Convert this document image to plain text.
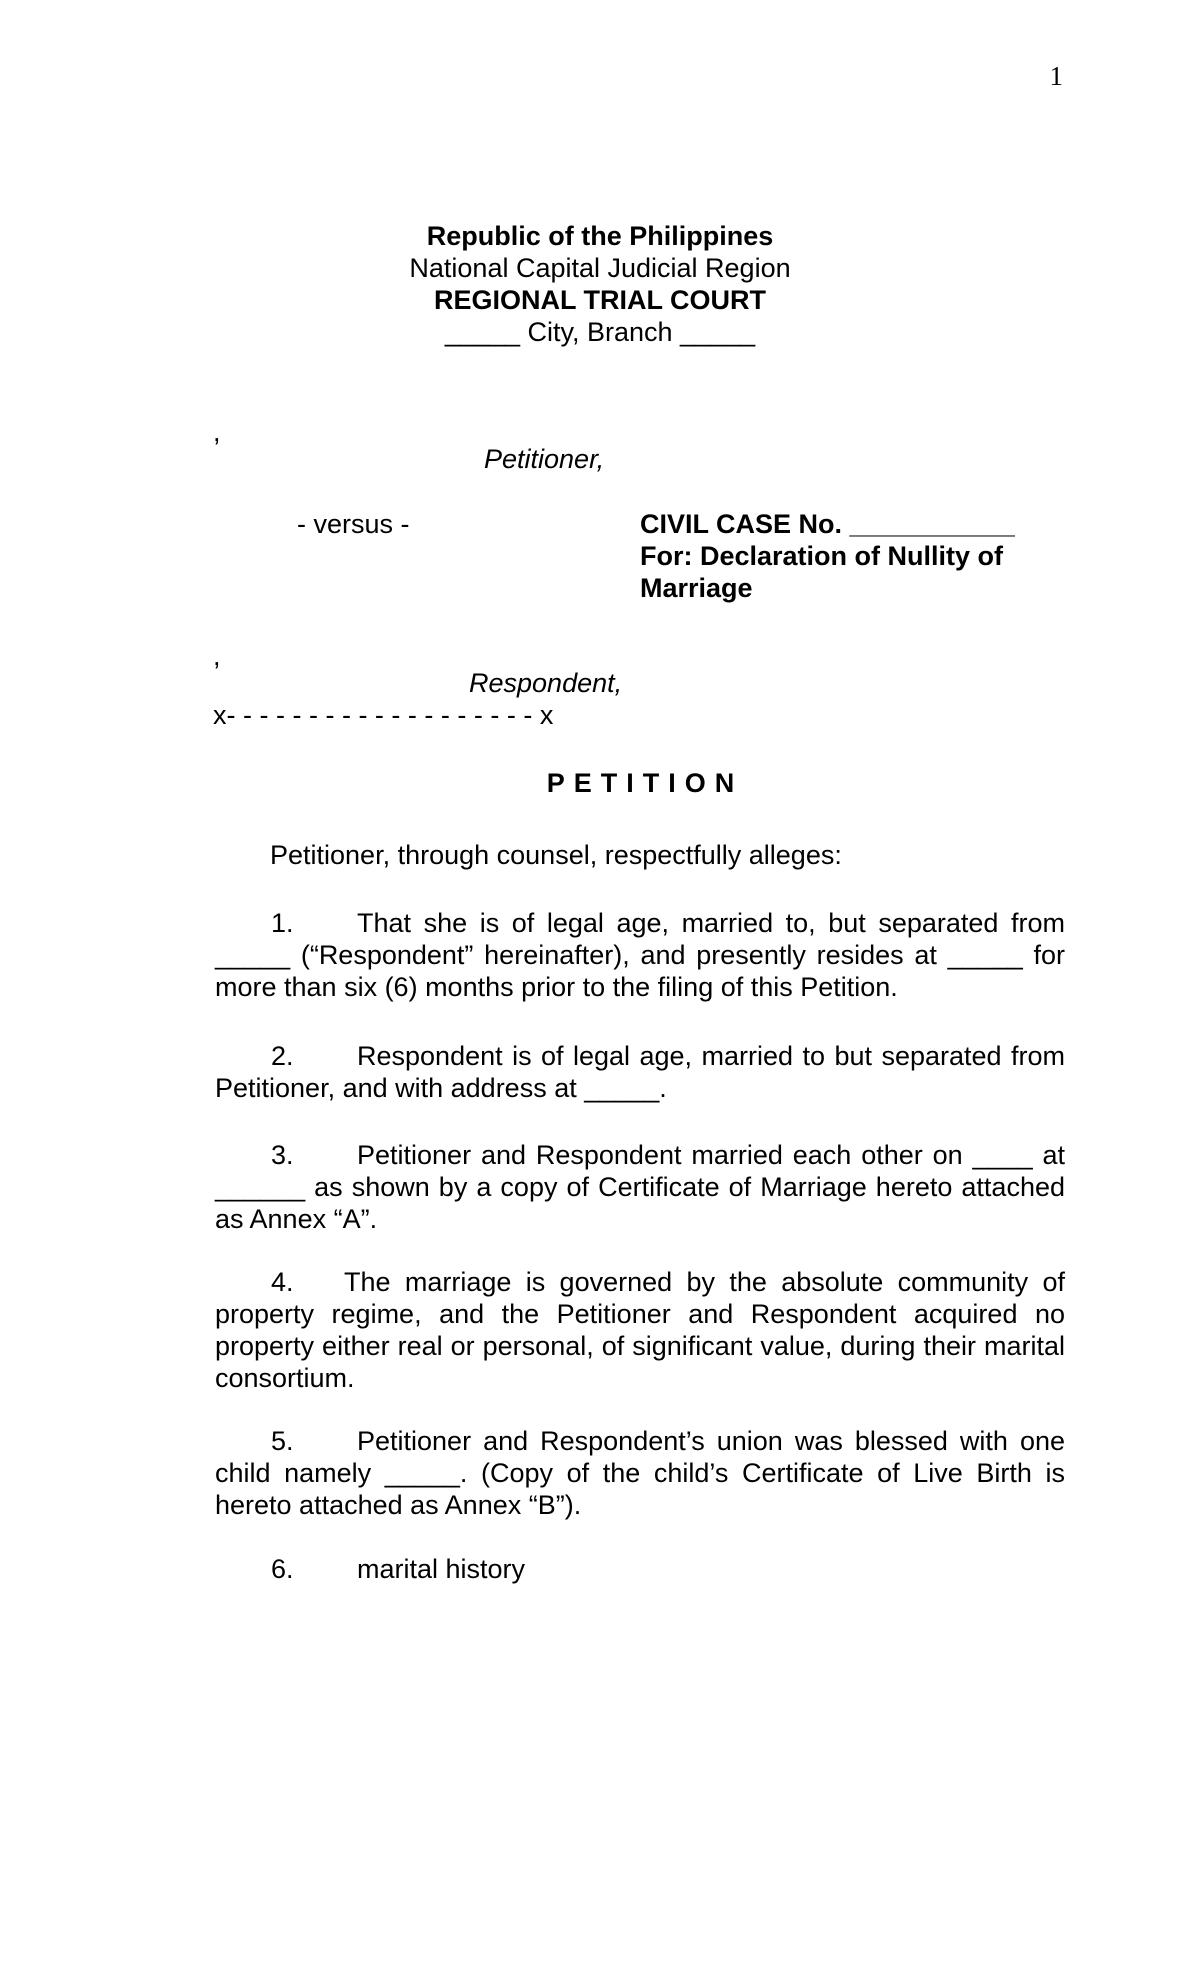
1
Republic of the Philippines
National Capital Judicial Region
REGIONAL TRIAL COURT
_____ City, Branch _____
,
Petitioner,
- versus -	CIVIL CASE No. ___________
For: Declaration of Nullity of
Marriage
,
Respondent,
x- - - - - - - - - - - - - - - - - - - x
PETITION
Petitioner, through counsel, respectfully alleges:

1. That she is of legal age, married to, but separated from _____ (“Respondent” hereinafter), and presently resides at _____ for more than six (6) months prior to the filing of this Petition.

2. Respondent is of legal age, married to but separated from Petitioner, and with address at _____.

3. Petitioner and Respondent married each other on ____ at ______ as shown by a copy of Certificate of Marriage hereto attached as Annex “A”.

4. The marriage is governed by the absolute community of property regime, and the Petitioner and Respondent acquired no property either real or personal, of significant value, during their marital consortium.

5. Petitioner and Respondent’s union was blessed with one child namely _____. (Copy of the child’s Certificate of Live Birth is hereto attached as Annex “B”).

6. marital history
